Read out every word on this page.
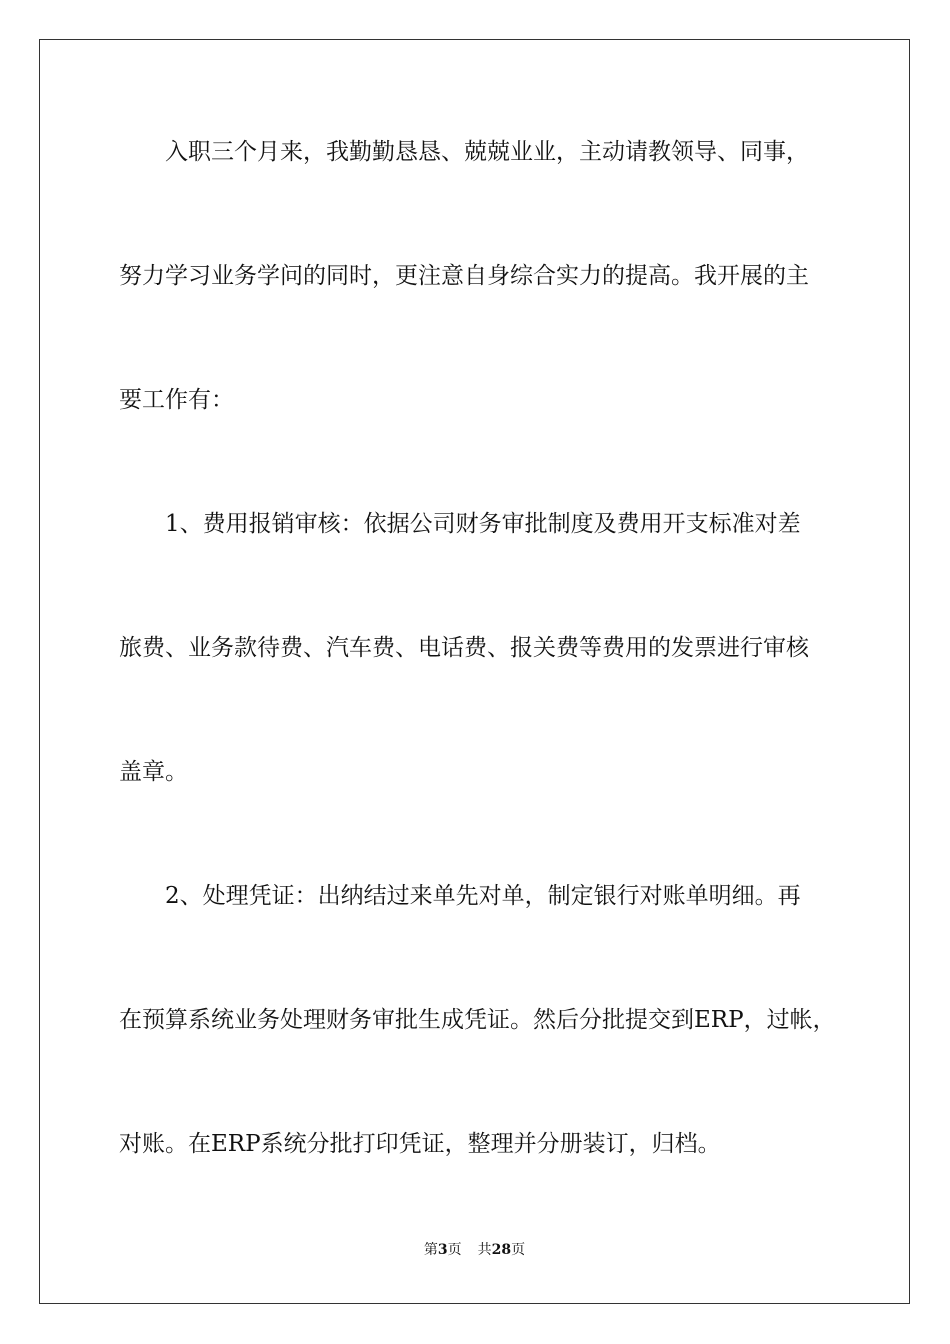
入职三个月来，我勤勤恳恳、兢兢业业，主动请教领导、同事，
努力学习业务学问的同时，更注意自身综合实力的提高。我开展的主
要工作有：
1、费用报销审核：依据公司财务审批制度及费用开支标准对差
旅费、业务款待费、汽车费、电话费、报关费等费用的发票进行审核
盖章。
2、处理凭证：出纳结过来单先对单，制定银行对账单明细。再
在预算系统业务处理财务审批生成凭证。然后分批提交到ERP，过帐，
对账。在ERP系统分批打印凭证，整理并分册装订，归档。
第3页 共28页
